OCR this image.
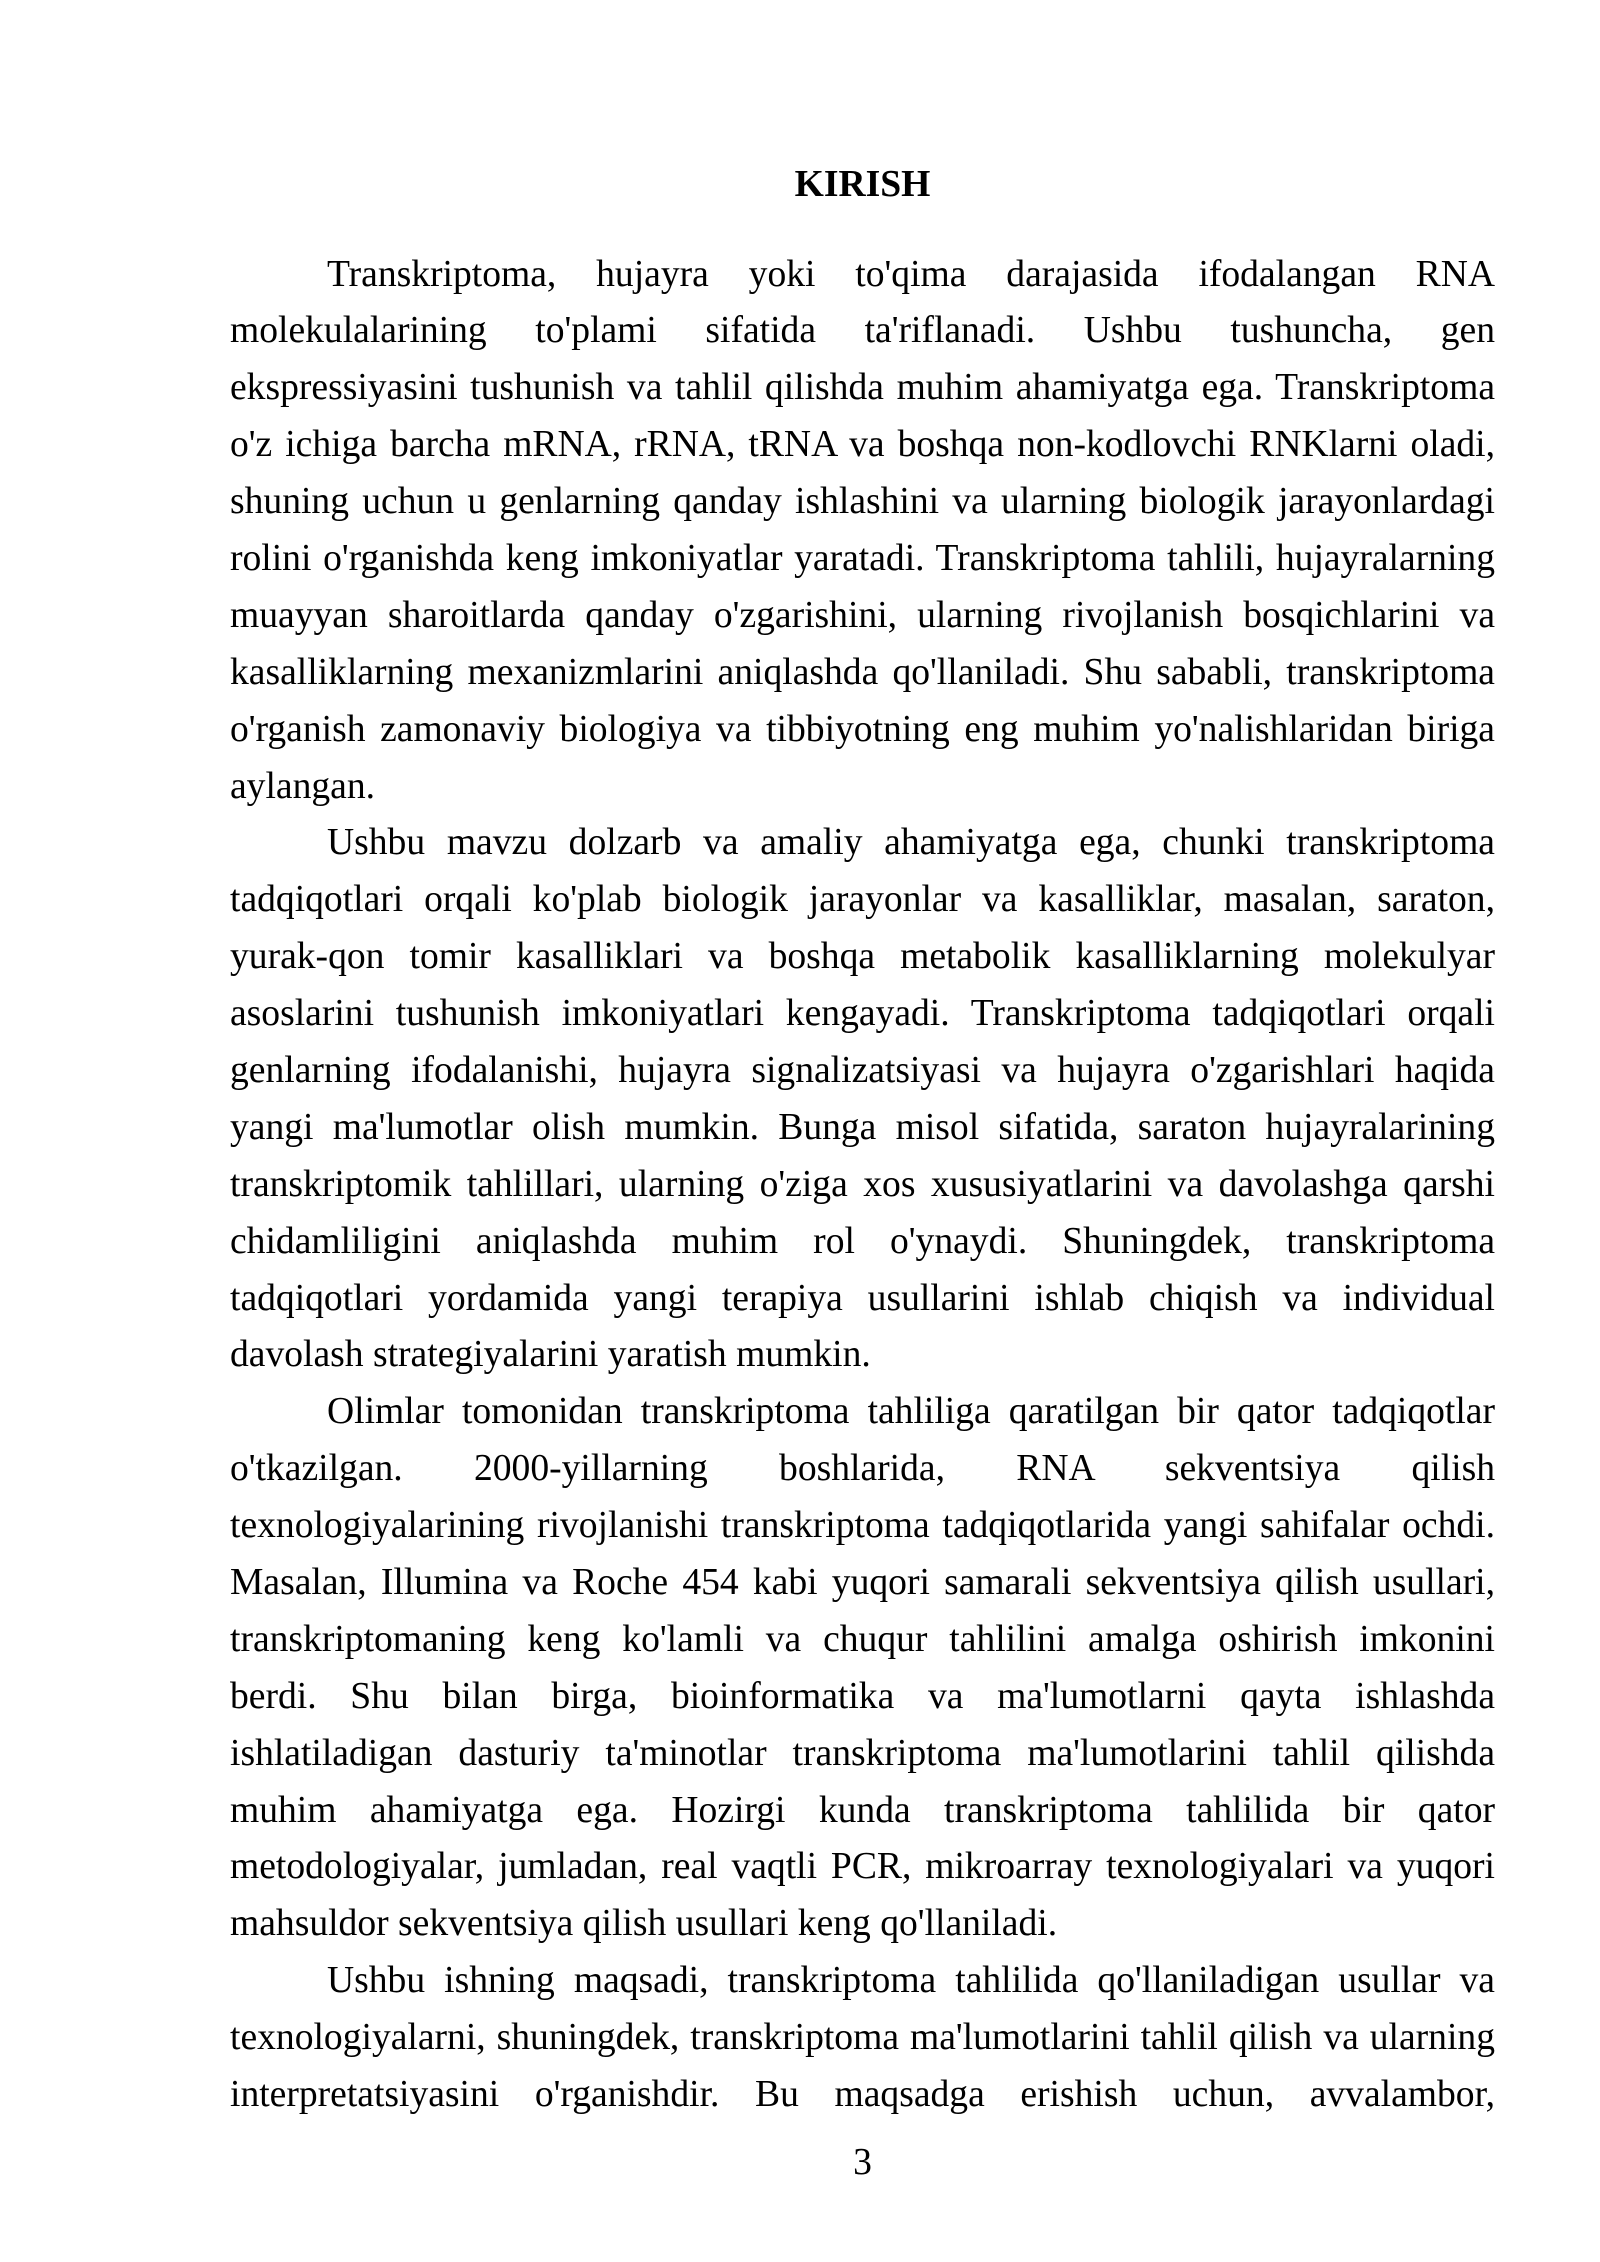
KIRISH
Transkriptoma, hujayra yoki to'qima darajasida ifodalangan RNA
molekulalarining to'plami sifatida ta'riflanadi. Ushbu tushuncha, gen
ekspressiyasini tushunish va tahlil qilishda muhim ahamiyatga ega. Transkriptoma
o'z ichiga barcha mRNA, rRNA, tRNA va boshqa non-kodlovchi RNKlarni oladi,
shuning uchun u genlarning qanday ishlashini va ularning biologik jarayonlardagi
rolini o'rganishda keng imkoniyatlar yaratadi. Transkriptoma tahlili, hujayralarning
muayyan sharoitlarda qanday o'zgarishini, ularning rivojlanish bosqichlarini va
kasalliklarning mexanizmlarini aniqlashda qo'llaniladi. Shu sababli, transkriptoma
o'rganish zamonaviy biologiya va tibbiyotning eng muhim yo'nalishlaridan biriga
aylangan.
Ushbu mavzu dolzarb va amaliy ahamiyatga ega, chunki transkriptoma
tadqiqotlari orqali ko'plab biologik jarayonlar va kasalliklar, masalan, saraton,
yurak-qon tomir kasalliklari va boshqa metabolik kasalliklarning molekulyar
asoslarini tushunish imkoniyatlari kengayadi. Transkriptoma tadqiqotlari orqali
genlarning ifodalanishi, hujayra signalizatsiyasi va hujayra o'zgarishlari haqida
yangi ma'lumotlar olish mumkin. Bunga misol sifatida, saraton hujayralarining
transkriptomik tahlillari, ularning o'ziga xos xususiyatlarini va davolashga qarshi
chidamliligini aniqlashda muhim rol o'ynaydi. Shuningdek, transkriptoma
tadqiqotlari yordamida yangi terapiya usullarini ishlab chiqish va individual
davolash strategiyalarini yaratish mumkin.
Olimlar tomonidan transkriptoma tahliliga qaratilgan bir qator tadqiqotlar
o'tkazilgan. 2000-yillarning boshlarida, RNA sekventsiya qilish
texnologiyalarining rivojlanishi transkriptoma tadqiqotlarida yangi sahifalar ochdi.
Masalan, Illumina va Roche 454 kabi yuqori samarali sekventsiya qilish usullari,
transkriptomaning keng ko'lamli va chuqur tahlilini amalga oshirish imkonini
berdi. Shu bilan birga, bioinformatika va ma'lumotlarni qayta ishlashda
ishlatiladigan dasturiy ta'minotlar transkriptoma ma'lumotlarini tahlil qilishda
muhim ahamiyatga ega. Hozirgi kunda transkriptoma tahlilida bir qator
metodologiyalar, jumladan, real vaqtli PCR, mikroarray texnologiyalari va yuqori
mahsuldor sekventsiya qilish usullari keng qo'llaniladi.
Ushbu ishning maqsadi, transkriptoma tahlilida qo'llaniladigan usullar va
texnologiyalarni, shuningdek, transkriptoma ma'lumotlarini tahlil qilish va ularning
interpretatsiyasini o'rganishdir. Bu maqsadga erishish uchun, avvalambor,
3
